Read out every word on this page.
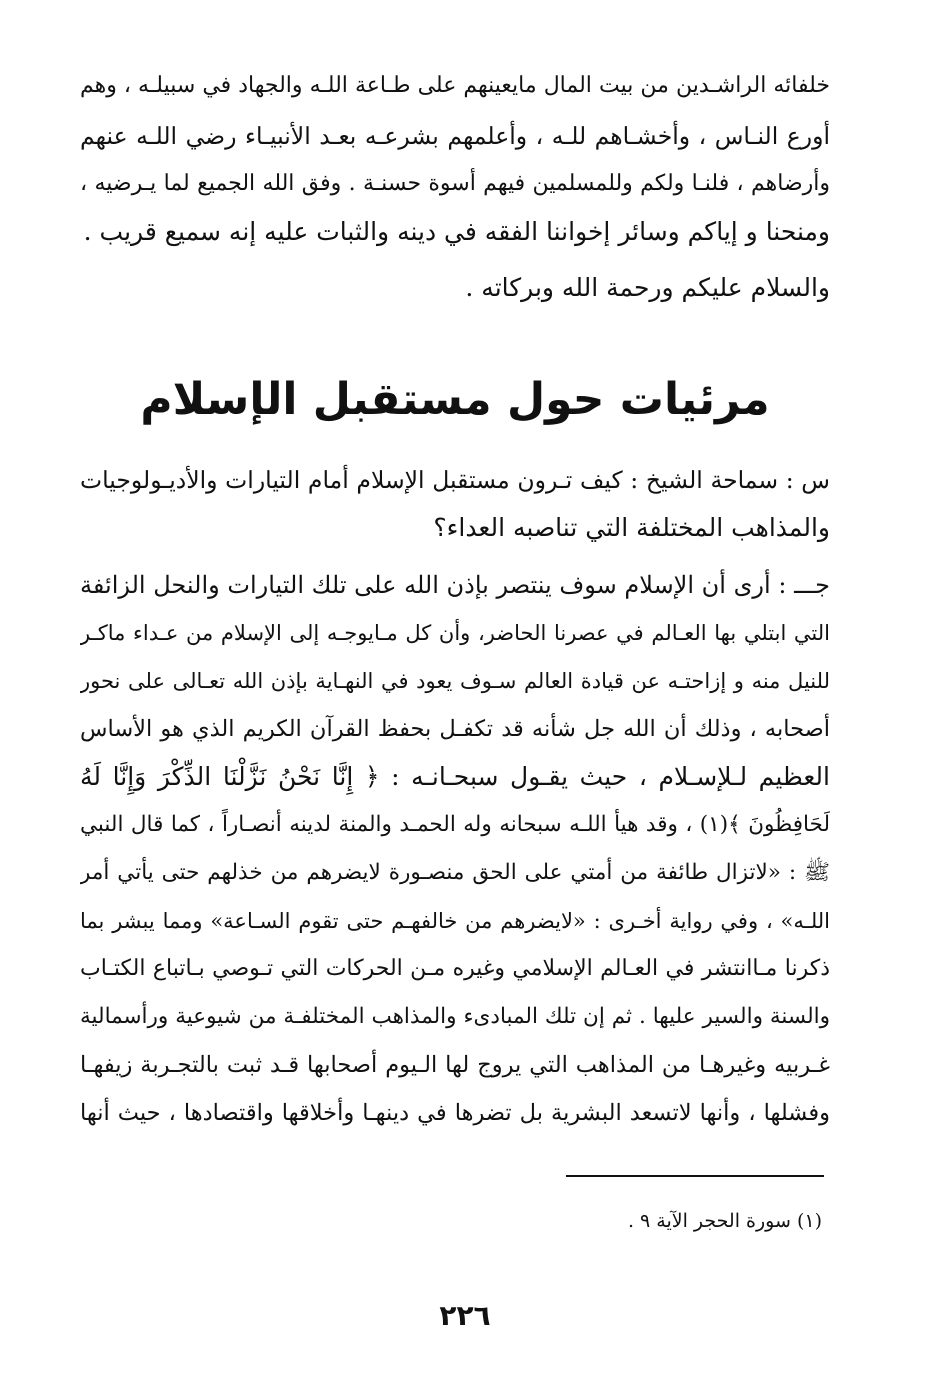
خلفائه الراشـدين من بيت المال مايعينهم على طـاعة اللـه والجهاد في سبيلـه ، وهم
أورع النـاس ، وأخشـاهم للـه ، وأعلمهم بشرعـه بعـد الأنبيـاء رضي اللـه عنهم
وأرضاهم ، فلنـا ولكم وللمسلمين فيهم أسوة حسنـة . وفق الله الجميع لما يـرضيه ،
ومنحنا و إياكم وسائر إخواننا الفقه في دينه والثبات عليه إنه سميع قريب .
والسلام عليكم ورحمة الله وبركاته .
مرئيات حول مستقبل الإسلام
س : سماحة الشيخ : كيف تـرون مستقبل الإسلام أمام التيارات والأديـولوجيات
والمذاهب المختلفة التي تناصبه العداء؟
جـــ : أرى أن الإسلام سوف ينتصر بإذن الله على تلك التيارات والنحل الزائفة
التي ابتلي بها العـالم في عصرنا الحاضر، وأن كل مـايوجـه إلى الإسلام من عـداء ماكـر
للنيل منه و إزاحتـه عن قيادة العالم سـوف يعود في النهـاية بإذن الله تعـالى على نحور
أصحابه ، وذلك أن الله جل شأنه قد تكفـل بحفظ القرآن الكريم الذي هو الأساس
العظيم لـلإسـلام ، حيث يقـول سبحـانـه : ﴿ إِنَّا نَحْنُ نَزَّلْنَا الذِّكْرَ وَإِنَّا لَهُ
لَحَافِظُونَ ﴾(١) ، وقد هيأ اللـه سبحانه وله الحمـد والمنة لدينه أنصـاراً ، كما قال النبي
ﷺ : «لاتزال طائفة من أمتي على الحق منصـورة لايضرهم من خذلهم حتى يأتي أمر
اللـه» ، وفي رواية أخـرى : «لايضرهم من خالفهـم حتى تقوم السـاعة» ومما يبشر بما
ذكرنا مـاانتشر في العـالم الإسلامي وغيره مـن الحركات التي تـوصي بـاتباع الكتـاب
والسنة والسير عليها . ثم إن تلك المبادىء والمذاهب المختلفـة من شيوعية ورأسمالية
غـربيه وغيرهـا من المذاهب التي يروج لها الـيوم أصحابها قـد ثبت بالتجـربة زيفهـا
وفشلها ، وأنها لاتسعد البشرية بل تضرها في دينهـا وأخلاقها واقتصادها ، حيث أنها
(١) سورة الحجر الآية ٩ .
٢٢٦
